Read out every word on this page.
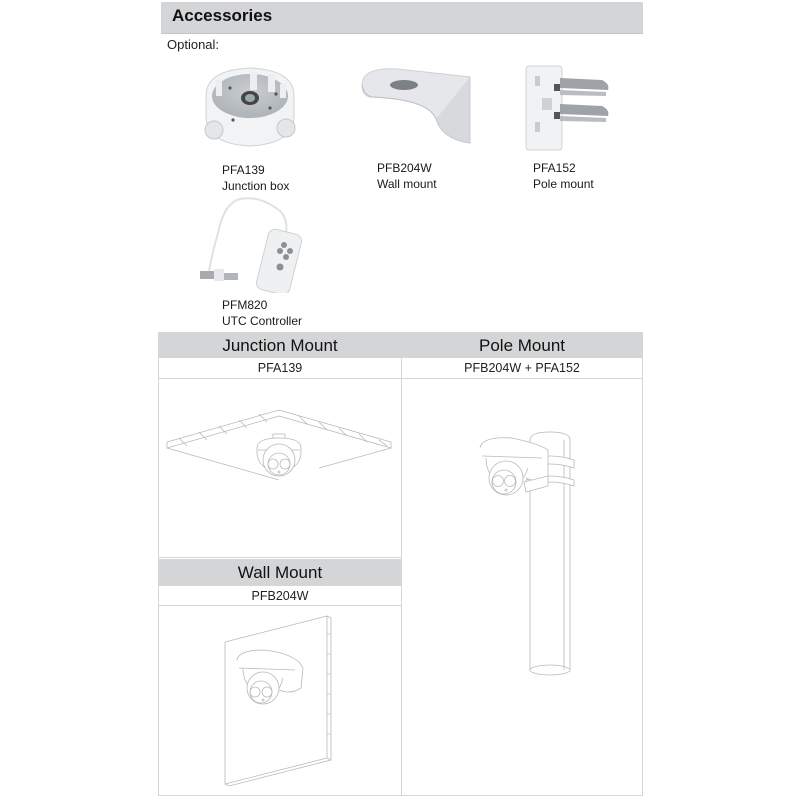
Accessories
Optional:
PFA139
Junction box
PFB204W
Wall mount
PFA152
Pole mount
PFM820
UTC Controller
Junction Mount
PFA139
Pole Mount
PFB204W + PFA152
Wall Mount
PFB204W
